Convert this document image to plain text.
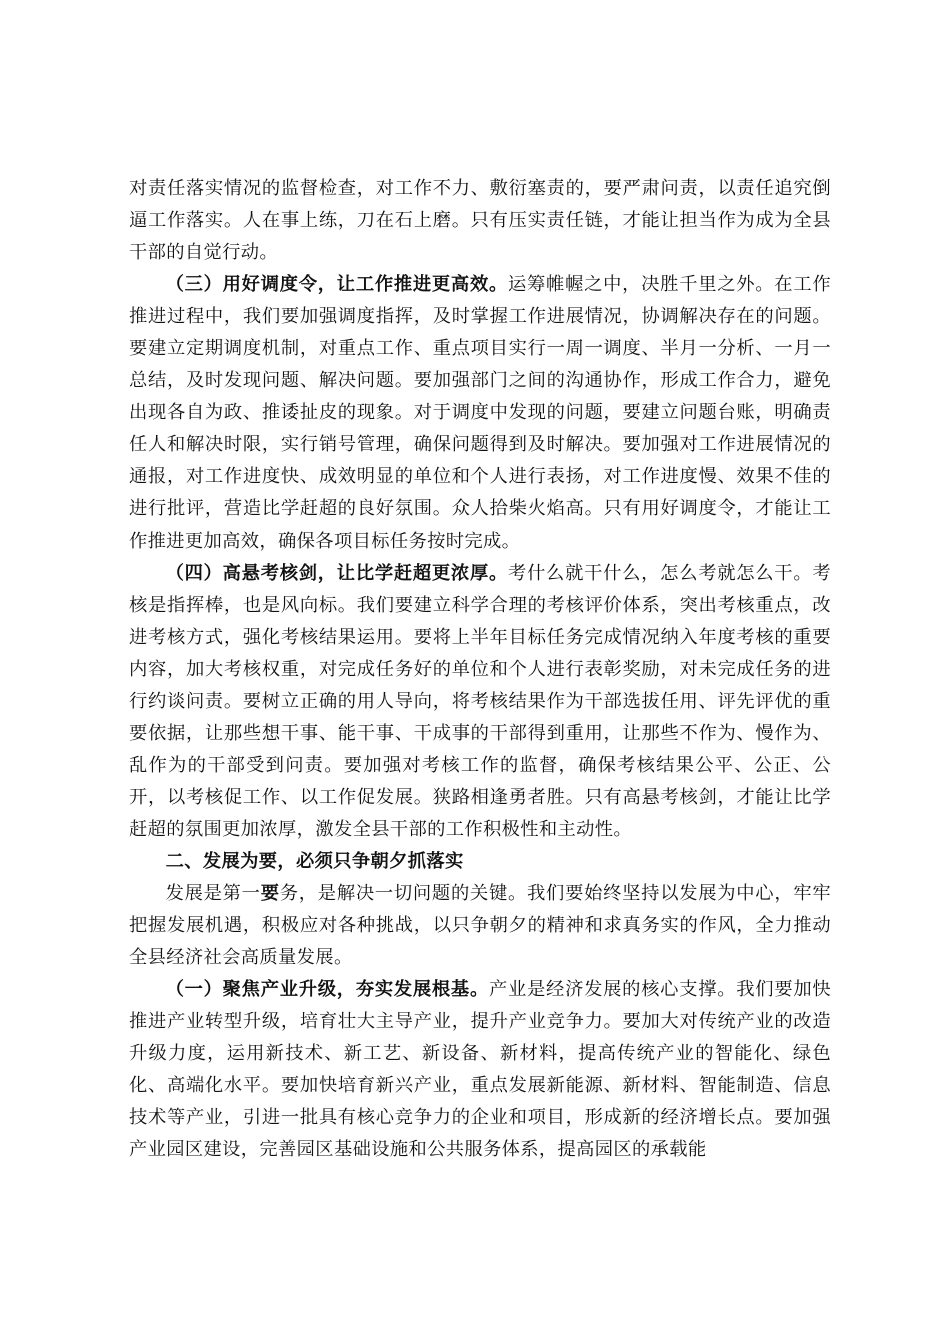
对责任落实情况的监督检查，对工作不力、敷衍塞责的，要严肃问责，以责任追究倒逼工作落实。人在事上练，刀在石上磨。只有压实责任链，才能让担当作为成为全县干部的自觉行动。

（三）用好调度令，让工作推进更高效。运筹帷幄之中，决胜千里之外。在工作推进过程中，我们要加强调度指挥，及时掌握工作进展情况，协调解决存在的问题。要建立定期调度机制，对重点工作、重点项目实行一周一调度、半月一分析、一月一总结，及时发现问题、解决问题。要加强部门之间的沟通协作，形成工作合力，避免出现各自为政、推诿扯皮的现象。对于调度中发现的问题，要建立问题台账，明确责任人和解决时限，实行销号管理，确保问题得到及时解决。要加强对工作进展情况的通报，对工作进度快、成效明显的单位和个人进行表扬，对工作进度慢、效果不佳的进行批评，营造比学赶超的良好氛围。众人拾柴火焰高。只有用好调度令，才能让工作推进更加高效，确保各项目标任务按时完成。

（四）高悬考核剑，让比学赶超更浓厚。考什么就干什么，怎么考就怎么干。考核是指挥棒，也是风向标。我们要建立科学合理的考核评价体系，突出考核重点，改进考核方式，强化考核结果运用。要将上半年目标任务完成情况纳入年度考核的重要内容，加大考核权重，对完成任务好的单位和个人进行表彰奖励，对未完成任务的进行约谈问责。要树立正确的用人导向，将考核结果作为干部选拔任用、评先评优的重要依据，让那些想干事、能干事、干成事的干部得到重用，让那些不作为、慢作为、乱作为的干部受到问责。要加强对考核工作的监督，确保考核结果公平、公正、公开，以考核促工作、以工作促发展。狭路相逢勇者胜。只有高悬考核剑，才能让比学赶超的氛围更加浓厚，激发全县干部的工作积极性和主动性。

二、发展为要，必须只争朝夕抓落实

发展是第一要务，是解决一切问题的关键。我们要始终坚持以发展为中心，牢牢把握发展机遇，积极应对各种挑战，以只争朝夕的精神和求真务实的作风，全力推动全县经济社会高质量发展。

（一）聚焦产业升级，夯实发展根基。产业是经济发展的核心支撑。我们要加快推进产业转型升级，培育壮大主导产业，提升产业竞争力。要加大对传统产业的改造升级力度，运用新技术、新工艺、新设备、新材料，提高传统产业的智能化、绿色化、高端化水平。要加快培育新兴产业，重点发展新能源、新材料、智能制造、信息技术等产业，引进一批具有核心竞争力的企业和项目，形成新的经济增长点。要加强产业园区建设，完善园区基础设施和公共服务体系，提高园区的承载能
